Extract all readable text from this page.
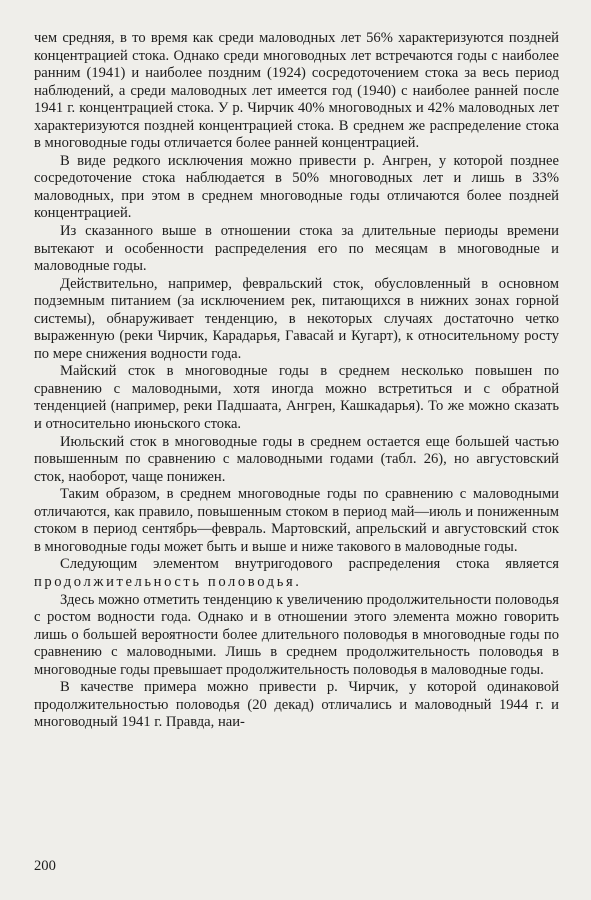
чем средняя, в то время как среди маловодных лет 56% характеризуются поздней концентрацией стока. Однако среди многоводных лет встречаются годы с наиболее ранним (1941) и наиболее поздним (1924) сосредоточением стока за весь период наблюдений, а среди маловодных лет имеется год (1940) с наиболее ранней после 1941 г. концентрацией стока. У р. Чирчик 40% многоводных и 42% маловодных лет характеризуются поздней концентрацией стока. В среднем же распределение стока в многоводные годы отличается более ранней концентрацией.

В виде редкого исключения можно привести р. Ангрен, у которой позднее сосредоточение стока наблюдается в 50% многоводных лет и лишь в 33% маловодных, при этом в среднем многоводные годы отличаются более поздней концентрацией.

Из сказанного выше в отношении стока за длительные периоды времени вытекают и особенности распределения его по месяцам в многоводные и маловодные годы.

Действительно, например, февральский сток, обусловленный в основном подземным питанием (за исключением рек, питающихся в нижних зонах горной системы), обнаруживает тенденцию, в некоторых случаях достаточно четко выраженную (реки Чирчик, Карадарья, Гавасай и Кугарт), к относительному росту по мере снижения водности года.

Майский сток в многоводные годы в среднем несколько повышен по сравнению с маловодными, хотя иногда можно встретиться и с обратной тенденцией (например, реки Падшаата, Ангрен, Кашкадарья). То же можно сказать и относительно июньского стока.

Июльский сток в многоводные годы в среднем остается еще большей частью повышенным по сравнению с маловодными годами (табл. 26), но августовский сток, наоборот, чаще понижен.

Таким образом, в среднем многоводные годы по сравнению с маловодными отличаются, как правило, повышенным стоком в период май—июль и пониженным стоком в период сентябрь—февраль. Мартовский, апрельский и августовский сток в многоводные годы может быть и выше и ниже такового в маловодные годы.

Следующим элементом внутригодового распределения стока является продолжительность половодья.

Здесь можно отметить тенденцию к увеличению продолжительности половодья с ростом водности года. Однако и в отношении этого элемента можно говорить лишь о большей вероятности более длительного половодья в многоводные годы по сравнению с маловодными. Лишь в среднем продолжительность половодья в многоводные годы превышает продолжительность половодья в маловодные годы.

В качестве примера можно привести р. Чирчик, у которой одинаковой продолжительностью половодья (20 декад) отличались и маловодный 1944 г. и многоводный 1941 г. Правда, наи-

200
